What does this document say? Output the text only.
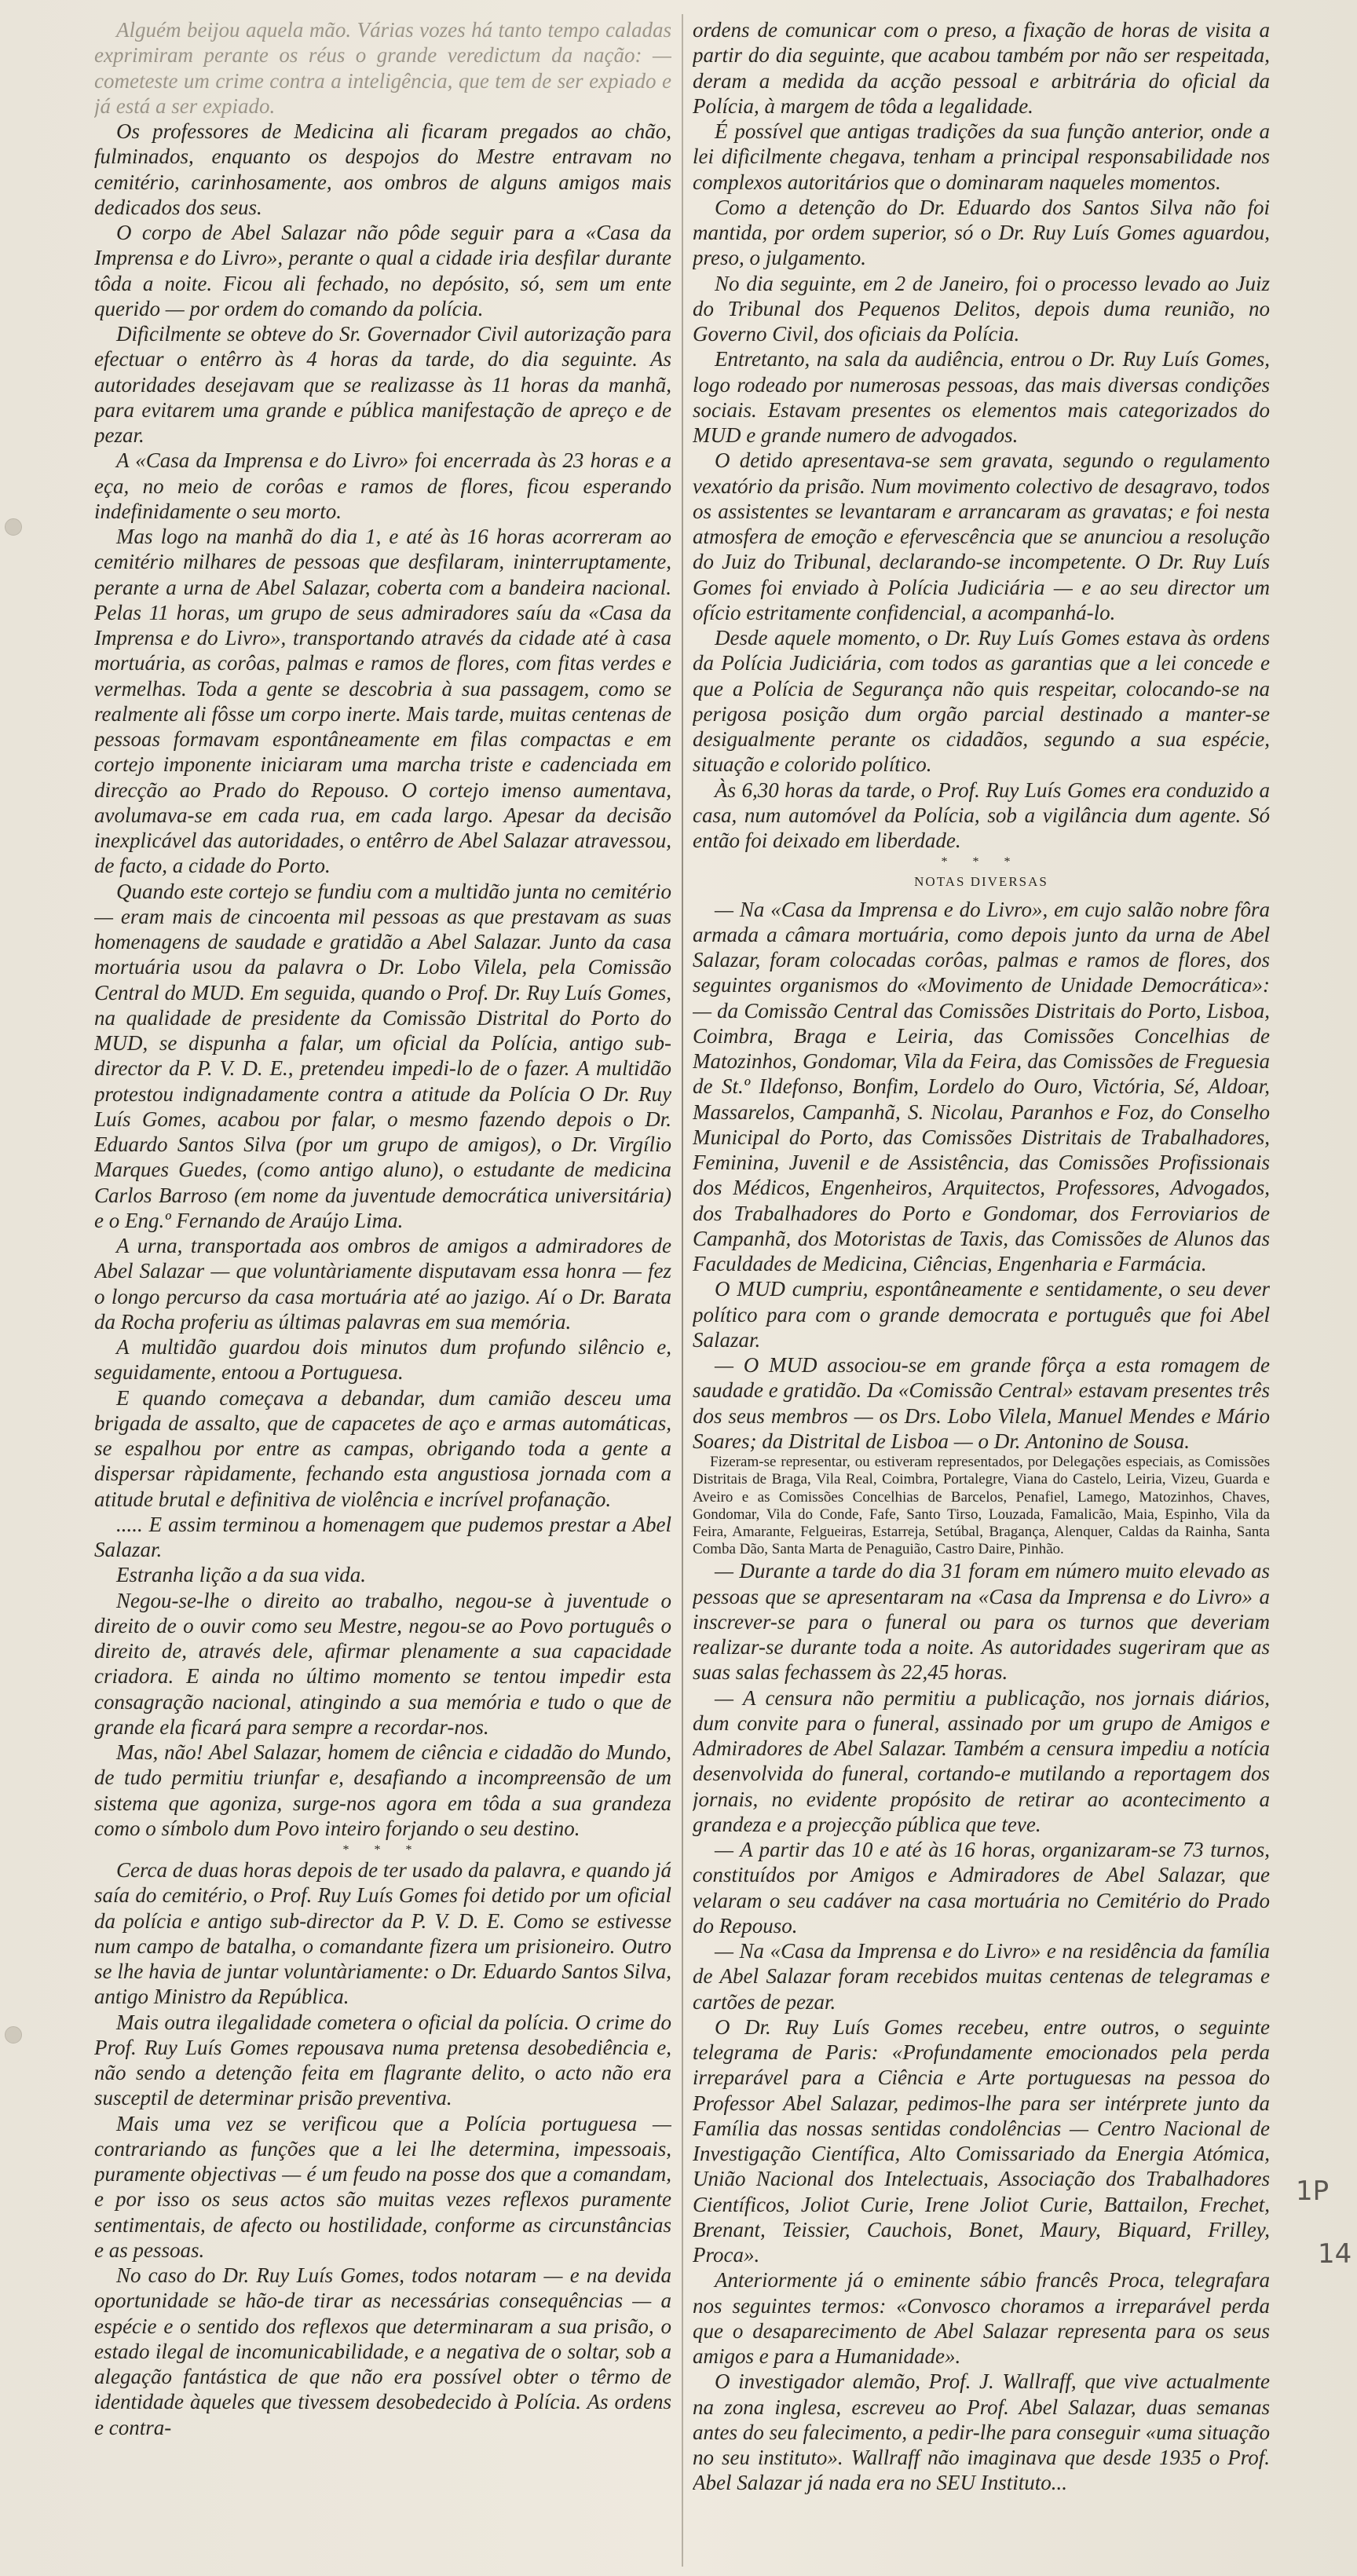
Alguém beijou aquela mão. Várias vozes há tanto tempo caladas exprimiram perante os réus o grande veredictum da nação: — cometeste um crime contra a inteligência, que tem de ser expiado e já está a ser expiado.

Os professores de Medicina ali ficaram pregados ao chão, fulminados, enquanto os despojos do Mestre entravam no cemitério, carinhosamente, aos ombros de alguns amigos mais dedicados dos seus.

O corpo de Abel Salazar não pôde seguir para a «Casa da Imprensa e do Livro», perante o qual a cidade iria desfilar durante tôda a noite. Ficou ali fechado, no depósito, só, sem um ente querido — por ordem do comando da polícia.

Difìcilmente se obteve do Sr. Governador Civil autorização para efectuar o entêrro às 4 horas da tarde, do dia seguinte. As autoridades desejavam que se realizasse às 11 horas da manhã, para evitarem uma grande e pública manifestação de apreço e de pezar.

A «Casa da Imprensa e do Livro» foi encerrada às 23 horas e a eça, no meio de corôas e ramos de flores, ficou esperando indefinidamente o seu morto.

Mas logo na manhã do dia 1, e até às 16 horas acorreram ao cemitério milhares de pessoas que desfilaram, ininterruptamente, perante a urna de Abel Salazar, coberta com a bandeira nacional. Pelas 11 horas, um grupo de seus admiradores saíu da «Casa da Imprensa e do Livro», transportando através da cidade até à casa mortuária, as corôas, palmas e ramos de flores, com fitas verdes e vermelhas. Toda a gente se descobria à sua passagem, como se realmente ali fôsse um corpo inerte. Mais tarde, muitas centenas de pessoas formavam espontâneamente em filas compactas e em cortejo imponente iniciaram uma marcha triste e cadenciada em direcção ao Prado do Repouso. O cortejo imenso aumentava, avolumava-se em cada rua, em cada largo. Apesar da decisão inexplicável das autoridades, o entêrro de Abel Salazar atravessou, de facto, a cidade do Porto.

Quando este cortejo se fundiu com a multidão junta no cemitério — eram mais de cincoenta mil pessoas as que prestavam as suas homenagens de saudade e gratidão a Abel Salazar. Junto da casa mortuária usou da palavra o Dr. Lobo Vilela, pela Comissão Central do MUD. Em seguida, quando o Prof. Dr. Ruy Luís Gomes, na qualidade de presidente da Comissão Distrital do Porto do MUD, se dispunha a falar, um oficial da Polícia, antigo sub-director da P. V. D. E., pretendeu impedi-lo de o fazer. A multidão protestou indignadamente contra a atitude da Polícia O Dr. Ruy Luís Gomes, acabou por falar, o mesmo fazendo depois o Dr. Eduardo Santos Silva (por um grupo de amigos), o Dr. Virgílio Marques Guedes, (como antigo aluno), o estudante de medicina Carlos Barroso (em nome da juventude democrática universitária) e o Eng.º Fernando de Araújo Lima.

A urna, transportada aos ombros de amigos a admiradores de Abel Salazar — que voluntàriamente disputavam essa honra — fez o longo percurso da casa mortuária até ao jazigo. Aí o Dr. Barata da Rocha proferiu as últimas palavras em sua memória.

A multidão guardou dois minutos dum profundo silêncio e, seguidamente, entoou a Portuguesa.

E quando começava a debandar, dum camião desceu uma brigada de assalto, que de capacetes de aço e armas automáticas, se espalhou por entre as campas, obrigando toda a gente a dispersar ràpidamente, fechando esta angustiosa jornada com a atitude brutal e definitiva de violência e incrível profanação.

..... E assim terminou a homenagem que pudemos prestar a Abel Salazar.

Estranha lição a da sua vida.

Negou-se-lhe o direito ao trabalho, negou-se à juventude o direito de o ouvir como seu Mestre, negou-se ao Povo português o direito de, através dele, afirmar plenamente a sua capacidade criadora. E ainda no último momento se tentou impedir esta consagração nacional, atingindo a sua memória e tudo o que de grande ela ficará para sempre a recordar-nos.

Mas, não! Abel Salazar, homem de ciência e cidadão do Mundo, de tudo permitiu triunfar e, desafiando a incompreensão de um sistema que agoniza, surge-nos agora em tôda a sua grandeza como o símbolo dum Povo inteiro forjando o seu destino.

* * *

Cerca de duas horas depois de ter usado da palavra, e quando já saía do cemitério, o Prof. Ruy Luís Gomes foi detido por um oficial da polícia e antigo sub-director da P. V. D. E. Como se estivesse num campo de batalha, o comandante fizera um prisioneiro. Outro se lhe havia de juntar voluntàriamente: o Dr. Eduardo Santos Silva, antigo Ministro da República.

Mais outra ilegalidade cometera o oficial da polícia. O crime do Prof. Ruy Luís Gomes repousava numa pretensa desobediência e, não sendo a detenção feita em flagrante delito, o acto não era susceptil de determinar prisão preventiva.

Mais uma vez se verificou que a Polícia portuguesa — contrariando as funções que a lei lhe determina, impessoais, puramente objectivas — é um feudo na posse dos que a comandam, e por isso os seus actos são muitas vezes reflexos puramente sentimentais, de afecto ou hostilidade, conforme as circunstâncias e as pessoas.

No caso do Dr. Ruy Luís Gomes, todos notaram — e na devida oportunidade se hão-de tirar as necessárias consequências — a espécie e o sentido dos reflexos que determinaram a sua prisão, o estado ilegal de incomunicabilidade, e a negativa de o soltar, sob a alegação fantástica de que não era possível obter o têrmo de identidade àqueles que tivessem desobedecido à Polícia. As ordens e contra-

ordens de comunicar com o preso, a fixação de horas de visita a partir do dia seguinte, que acabou também por não ser respeitada, deram a medida da acção pessoal e arbitrária do oficial da Polícia, à margem de tôda a legalidade.

É possível que antigas tradições da sua função anterior, onde a lei difìcilmente chegava, tenham a principal responsabilidade nos complexos autoritários que o dominaram naqueles momentos.

Como a detenção do Dr. Eduardo dos Santos Silva não foi mantida, por ordem superior, só o Dr. Ruy Luís Gomes aguardou, preso, o julgamento.

No dia seguinte, em 2 de Janeiro, foi o processo levado ao Juiz do Tribunal dos Pequenos Delitos, depois duma reunião, no Governo Civil, dos oficiais da Polícia.

Entretanto, na sala da audiência, entrou o Dr. Ruy Luís Gomes, logo rodeado por numerosas pessoas, das mais diversas condições sociais. Estavam presentes os elementos mais categorizados do MUD e grande numero de advogados.

O detido apresentava-se sem gravata, segundo o regulamento vexatório da prisão. Num movimento colectivo de desagravo, todos os assistentes se levantaram e arrancaram as gravatas; e foi nesta atmosfera de emoção e efervescência que se anunciou a resolução do Juiz do Tribunal, declarando-se incompetente. O Dr. Ruy Luís Gomes foi enviado à Polícia Judiciária — e ao seu director um ofício estritamente confidencial, a acompanhá-lo.

Desde aquele momento, o Dr. Ruy Luís Gomes estava às ordens da Polícia Judiciária, com todos as garantias que a lei concede e que a Polícia de Segurança não quis respeitar, colocando-se na perigosa posição dum orgão parcial destinado a manter-se desigualmente perante os cidadãos, segundo a sua espécie, situação e colorido político.

Às 6,30 horas da tarde, o Prof. Ruy Luís Gomes era conduzido a casa, num automóvel da Polícia, sob a vigilância dum agente. Só então foi deixado em liberdade.

* * *
NOTAS DIVERSAS

— Na «Casa da Imprensa e do Livro», em cujo salão nobre fôra armada a câmara mortuária, como depois junto da urna de Abel Salazar, foram colocadas corôas, palmas e ramos de flores, dos seguintes organismos do «Movimento de Unidade Democrática»: — da Comissão Central das Comissões Distritais do Porto, Lisboa, Coimbra, Braga e Leiria, das Comissões Concelhias de Matozinhos, Gondomar, Vila da Feira, das Comissões de Freguesia de St.º Ildefonso, Bonfim, Lordelo do Ouro, Victória, Sé, Aldoar, Massarelos, Campanhã, S. Nicolau, Paranhos e Foz, do Conselho Municipal do Porto, das Comissões Distritais de Trabalhadores, Feminina, Juvenil e de Assistência, das Comissões Profissionais dos Médicos, Engenheiros, Arquitectos, Professores, Advogados, dos Trabalhadores do Porto e Gondomar, dos Ferroviarios de Campanhã, dos Motoristas de Taxis, das Comissões de Alunos das Faculdades de Medicina, Ciências, Engenharia e Farmácia.

O MUD cumpriu, espontâneamente e sentidamente, o seu dever político para com o grande democrata e português que foi Abel Salazar.

— O MUD associou-se em grande fôrça a esta romagem de saudade e gratidão. Da «Comissão Central» estavam presentes três dos seus membros — os Drs. Lobo Vilela, Manuel Mendes e Mário Soares; da Distrital de Lisboa — o Dr. Antonino de Sousa.

Fizeram-se representar, ou estiveram representados, por Delegações especiais, as Comissões Distritais de Braga, Vila Real, Coimbra, Portalegre, Viana do Castelo, Leiria, Vizeu, Guarda e Aveiro e as Comissões Concelhias de Barcelos, Penafiel, Lamego, Matozinhos, Chaves, Gondomar, Vila do Conde, Fafe, Santo Tirso, Louzada, Famalicão, Maia, Espinho, Vila da Feira, Amarante, Felgueiras, Estarreja, Setúbal, Bragança, Alenquer, Caldas da Rainha, Santa Comba Dão, Santa Marta de Penaguião, Castro Daire, Pinhão.

— Durante a tarde do dia 31 foram em número muito elevado as pessoas que se apresentaram na «Casa da Imprensa e do Livro» a inscrever-se para o funeral ou para os turnos que deveriam realizar-se durante toda a noite. As autoridades sugeriram que as suas salas fechassem às 22,45 horas.

— A censura não permitiu a publicação, nos jornais diários, dum convite para o funeral, assinado por um grupo de Amigos e Admiradores de Abel Salazar. Também a censura impediu a notícia desenvolvida do funeral, cortando-e mutilando a reportagem dos jornais, no evidente propósito de retirar ao acontecimento a grandeza e a projecção pública que teve.

— A partir das 10 e até às 16 horas, organizaram-se 73 turnos, constituídos por Amigos e Admiradores de Abel Salazar, que velaram o seu cadáver na casa mortuária no Cemitério do Prado do Repouso.

— Na «Casa da Imprensa e do Livro» e na residência da família de Abel Salazar foram recebidos muitas centenas de telegramas e cartões de pezar.

O Dr. Ruy Luís Gomes recebeu, entre outros, o seguinte telegrama de Paris: «Profundamente emocionados pela perda irreparável para a Ciência e Arte portuguesas na pessoa do Professor Abel Salazar, pedimos-lhe para ser intérprete junto da Família das nossas sentidas condolências — Centro Nacional de Investigação Científica, Alto Comissariado da Energia Atómica, União Nacional dos Intelectuais, Associação dos Trabalhadores Científicos, Joliot Curie, Irene Joliot Curie, Battailon, Frechet, Brenant, Teissier, Cauchois, Bonet, Maury, Biquard, Frilley, Proca».

Anteriormente já o eminente sábio francês Proca, telegrafara nos seguintes termos: «Convosco choramos a irreparável perda que o desaparecimento de Abel Salazar representa para os seus amigos e para a Humanidade».

O investigador alemão, Prof. J. Wallraff, que vive actualmente na zona inglesa, escreveu ao Prof. Abel Salazar, duas semanas antes do seu falecimento, a pedir-lhe para conseguir «uma situação no seu instituto». Wallraff não imaginava que desde 1935 o Prof. Abel Salazar já nada era no SEU Instituto...

1P
14
